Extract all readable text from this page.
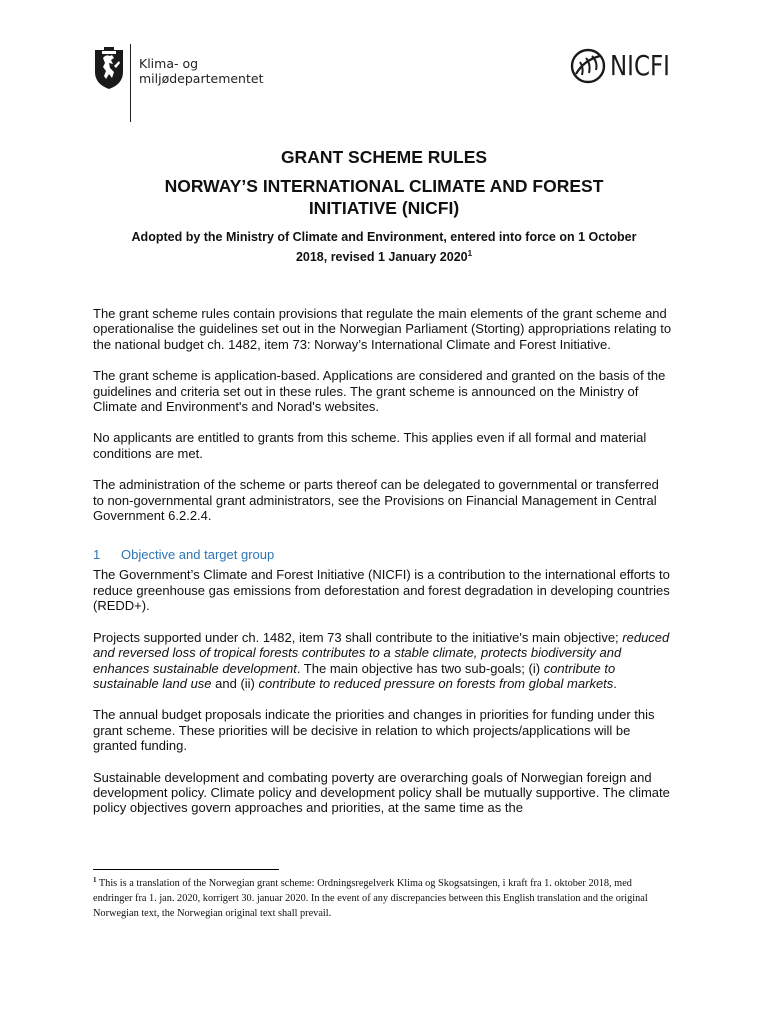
Klima- og
miljødepartementet	NICFI
GRANT SCHEME RULES
NORWAY’S INTERNATIONAL CLIMATE AND FOREST
INITIATIVE (NICFI)

Adopted by the Ministry of Climate and Environment, entered into force on 1 October
2018, revised 1 January 2020$^1$

The grant scheme rules contain provisions that regulate the main elements of the grant scheme and operationalise the guidelines set out in the Norwegian Parliament (Storting) appropriations relating to the national budget ch. 1482, item 73: Norway’s International Climate and Forest Initiative.

The grant scheme is application-based. Applications are considered and granted on the basis of the guidelines and criteria set out in these rules. The grant scheme is announced on the Ministry of Climate and Environment's and Norad's websites.

No applicants are entitled to grants from this scheme. This applies even if all formal and material conditions are met.

The administration of the scheme or parts thereof can be delegated to governmental or transferred to non-governmental grant administrators, see the Provisions on Financial Management in Central Government 6.2.2.4.

1 Objective and target group

The Government’s Climate and Forest Initiative (NICFI) is a contribution to the international efforts to reduce greenhouse gas emissions from deforestation and forest degradation in developing countries (REDD+).

Projects supported under ch. 1482, item 73 shall contribute to the initiative's main objective; reduced and reversed loss of tropical forests contributes to a stable climate, protects biodiversity and enhances sustainable development. The main objective has two sub-goals; (i) contribute to sustainable land use and (ii) contribute to reduced pressure on forests from global markets.

The annual budget proposals indicate the priorities and changes in priorities for funding under this grant scheme. These priorities will be decisive in relation to which projects/applications will be granted funding.

Sustainable development and combating poverty are overarching goals of Norwegian foreign and development policy. Climate policy and development policy shall be mutually supportive. The climate policy objectives govern approaches and priorities, at the same time as the

$^1$ This is a translation of the Norwegian grant scheme: Ordningsregelverk Klima og Skogsatsingen, i kraft fra 1. oktober 2018, med endringer fra 1. jan. 2020, korrigert 30. januar 2020. In the event of any discrepancies between this English translation and the original Norwegian text, the Norwegian original text shall prevail.
